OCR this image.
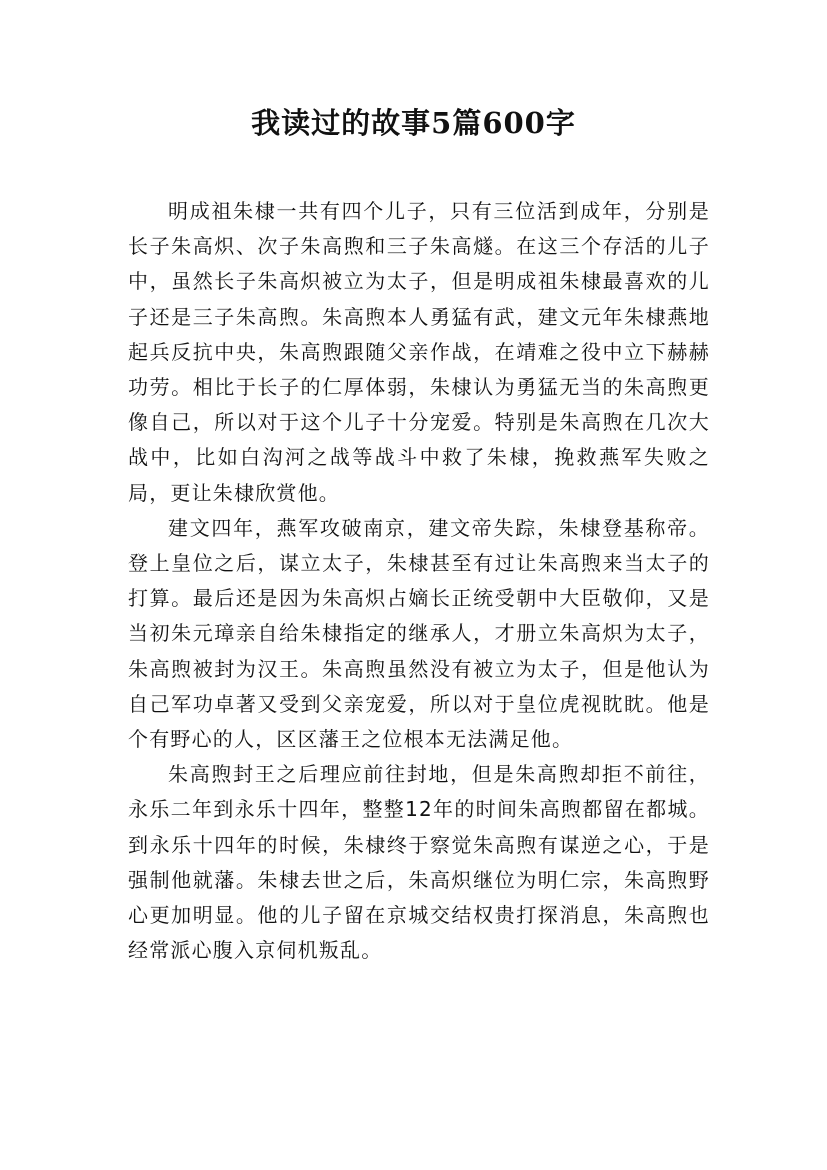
我读过的故事5篇600字

明成祖朱棣一共有四个儿子，只有三位活到成年，分别是长子朱高炽、次子朱高煦和三子朱高燧。在这三个存活的儿子中，虽然长子朱高炽被立为太子，但是明成祖朱棣最喜欢的儿子还是三子朱高煦。朱高煦本人勇猛有武，建文元年朱棣燕地起兵反抗中央，朱高煦跟随父亲作战，在靖难之役中立下赫赫功劳。相比于长子的仁厚体弱，朱棣认为勇猛无当的朱高煦更像自己，所以对于这个儿子十分宠爱。特别是朱高煦在几次大战中，比如白沟河之战等战斗中救了朱棣，挽救燕军失败之局，更让朱棣欣赏他。

建文四年，燕军攻破南京，建文帝失踪，朱棣登基称帝。登上皇位之后，谋立太子，朱棣甚至有过让朱高煦来当太子的打算。最后还是因为朱高炽占嫡长正统受朝中大臣敬仰，又是当初朱元璋亲自给朱棣指定的继承人，才册立朱高炽为太子，朱高煦被封为汉王。朱高煦虽然没有被立为太子，但是他认为自己军功卓著又受到父亲宠爱，所以对于皇位虎视眈眈。他是个有野心的人，区区藩王之位根本无法满足他。

朱高煦封王之后理应前往封地，但是朱高煦却拒不前往，永乐二年到永乐十四年，整整12年的时间朱高煦都留在都城。到永乐十四年的时候，朱棣终于察觉朱高煦有谋逆之心，于是强制他就藩。朱棣去世之后，朱高炽继位为明仁宗，朱高煦野心更加明显。他的儿子留在京城交结权贵打探消息，朱高煦也经常派心腹入京伺机叛乱。
